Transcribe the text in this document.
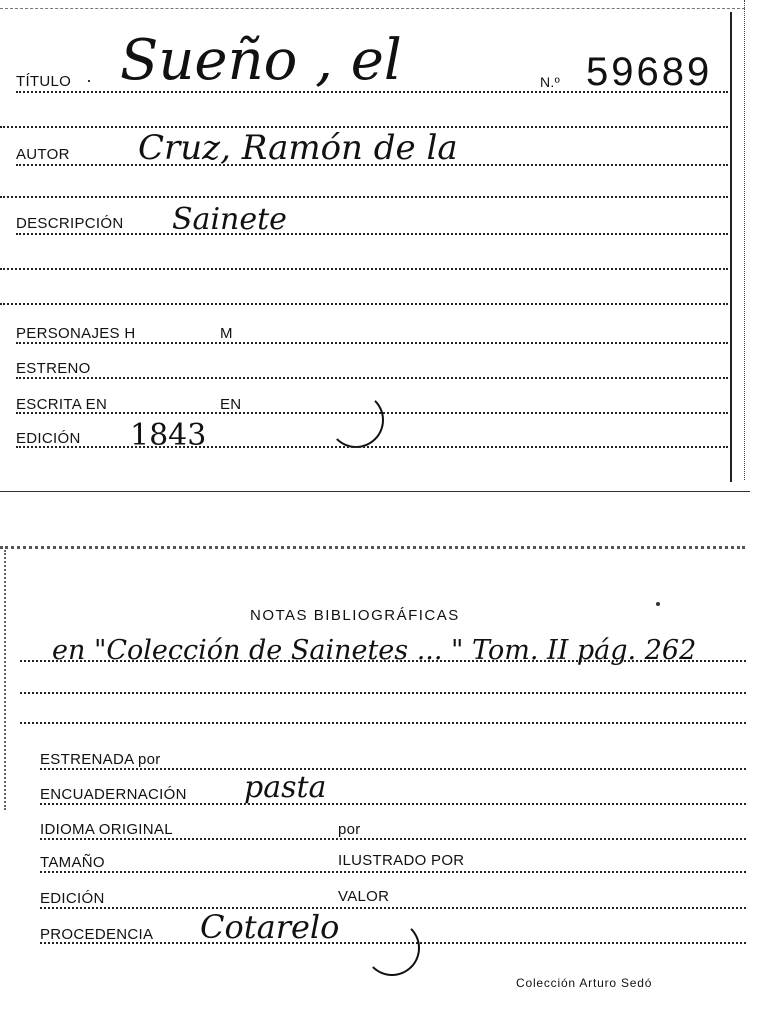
TÍTULO · Sueño , el	N.º 59689
AUTOR Cruz, Ramón de la
DESCRIPCIÓN Sainete
PERSONAJES H	M
ESTRENO
ESCRITA EN	EN
EDICIÓN 1843
NOTAS BIBLIOGRÁFICAS
en "Colección de Sainetes ... " Tom. II pág. 262
ESTRENADA por
ENCUADERNACIÓN pasta
IDIOMA ORIGINAL	por
TAMAÑO	ILUSTRADO POR
EDICIÓN	VALOR
PROCEDENCIA Cotarelo
Colección Arturo Sedó
